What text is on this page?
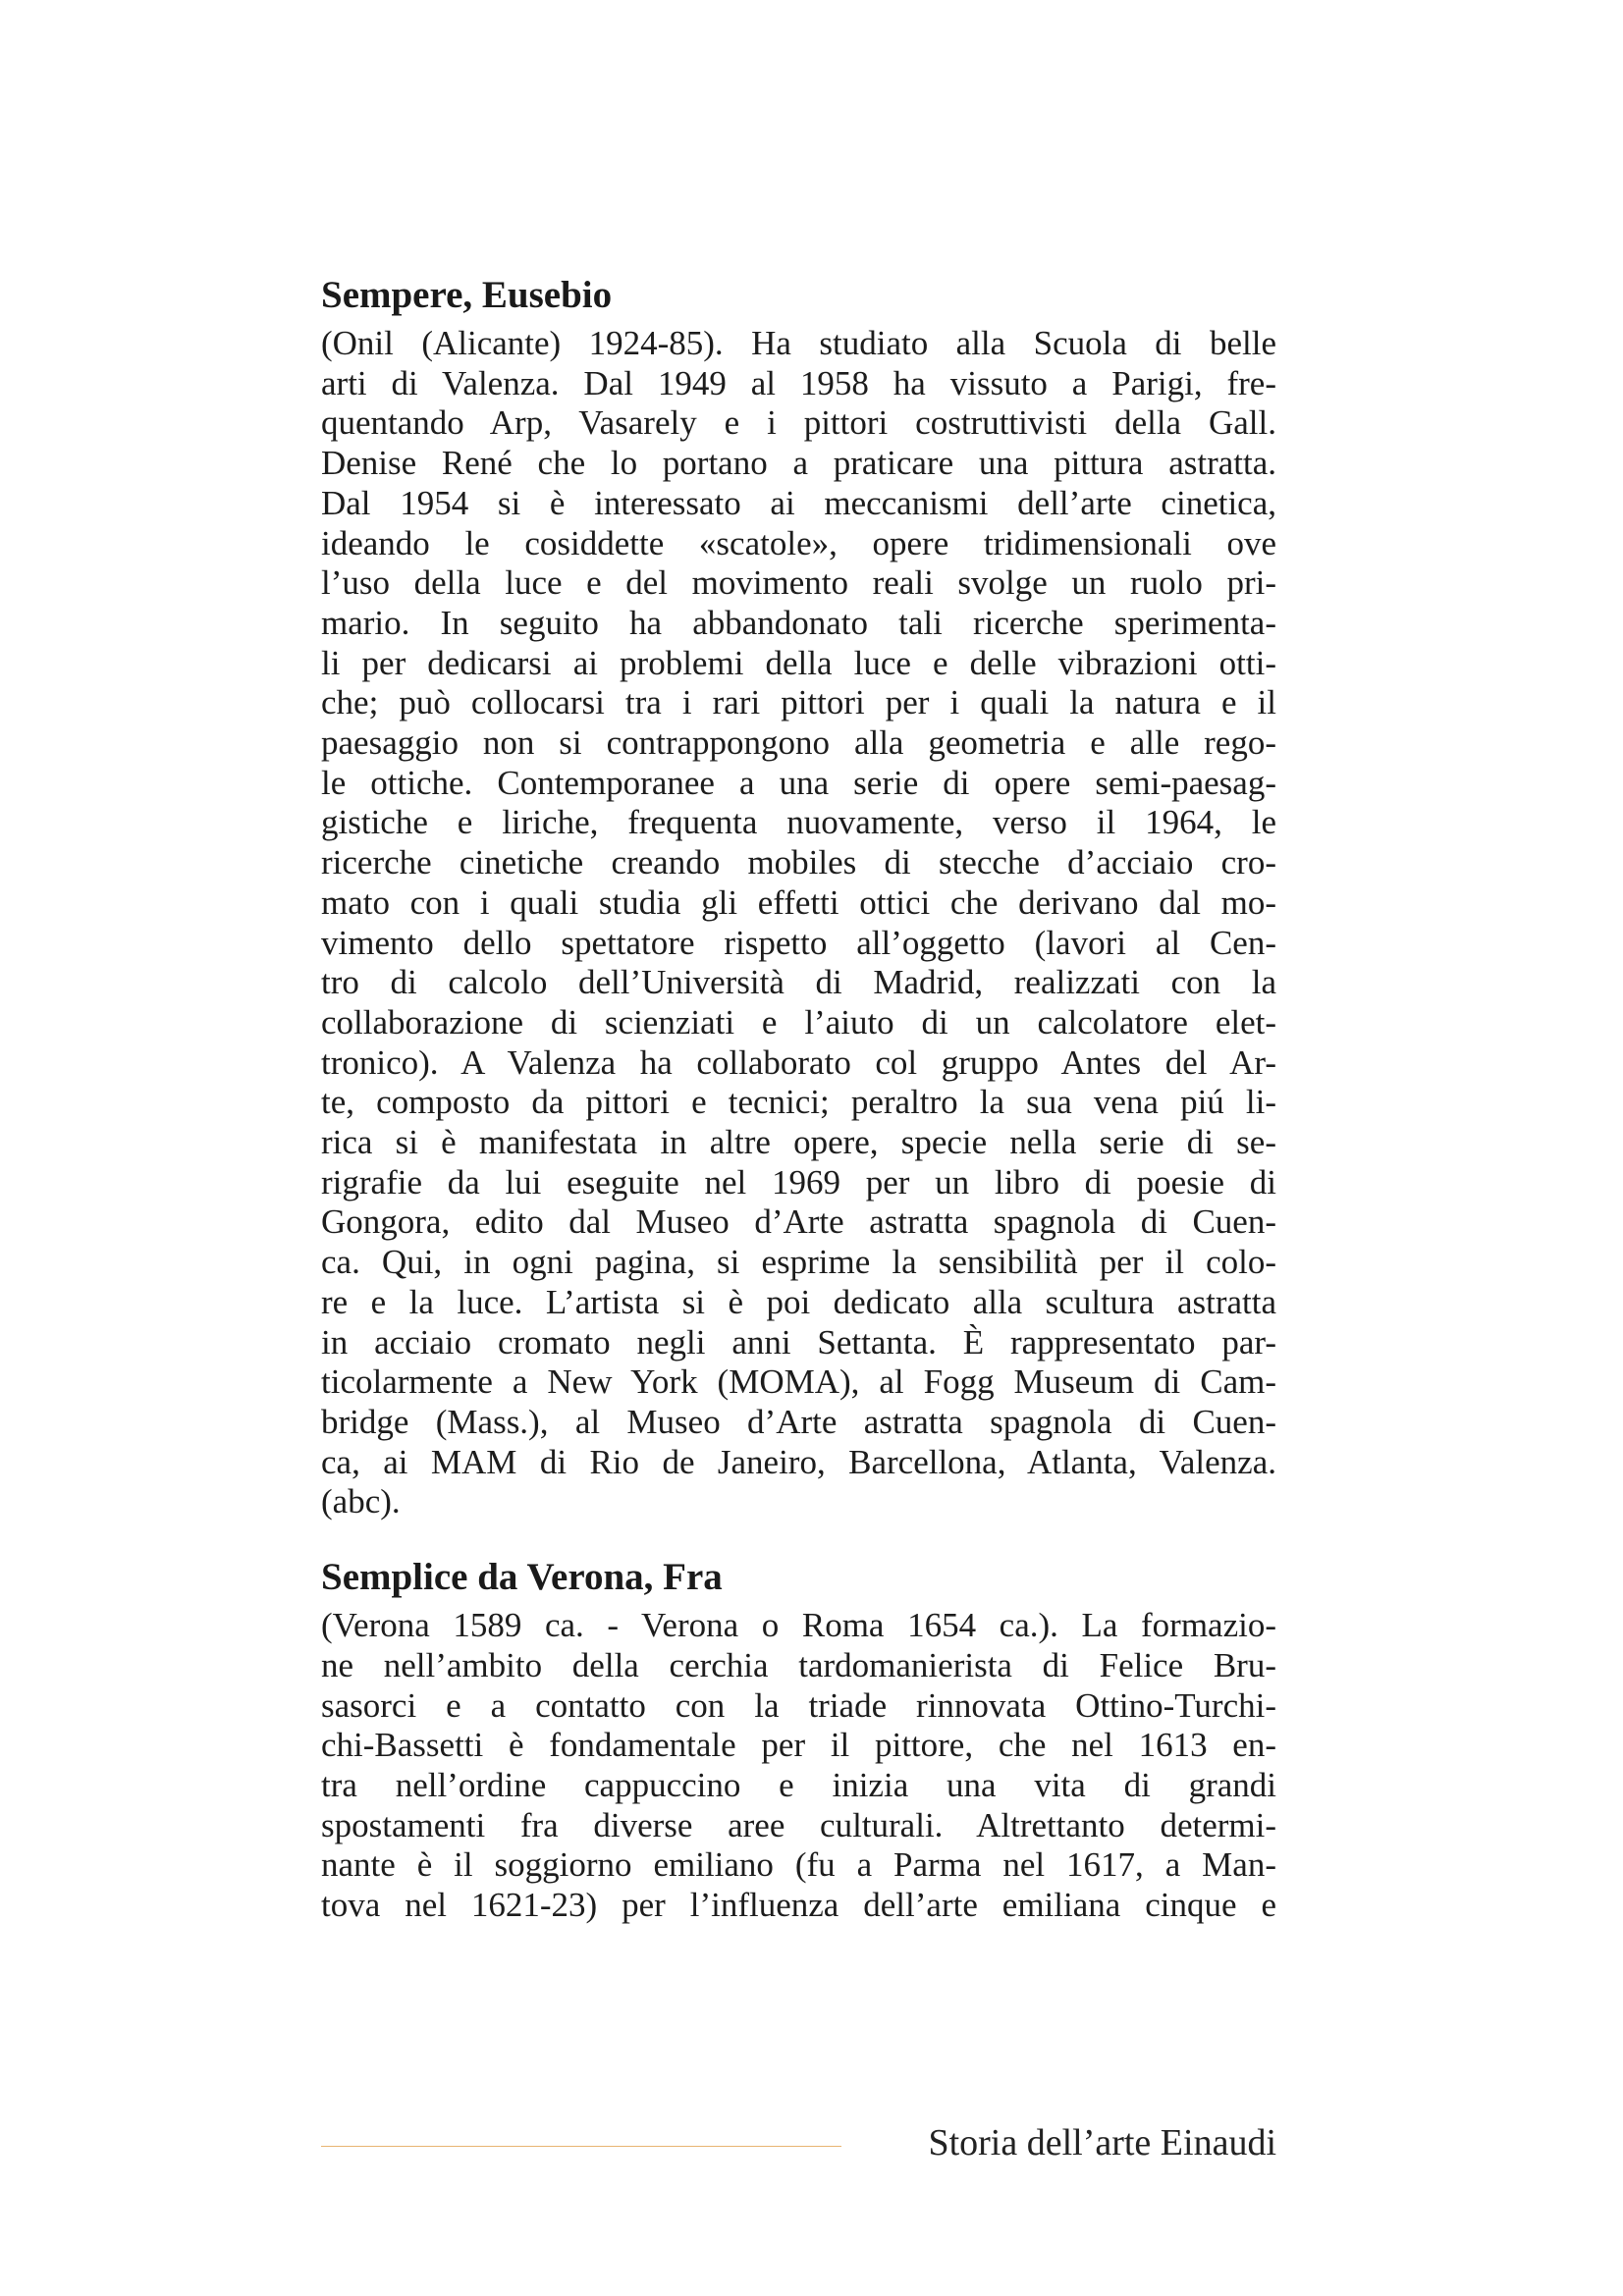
Sempere, Eusebio
(Onil (Alicante) 1924-85). Ha studiato alla Scuola di belle
arti di Valenza. Dal 1949 al 1958 ha vissuto a Parigi, fre-
quentando Arp, Vasarely e i pittori costruttivisti della Gall.
Denise René che lo portano a praticare una pittura astratta.
Dal 1954 si è interessato ai meccanismi dell’arte cinetica,
ideando le cosiddette «scatole», opere tridimensionali ove
l’uso della luce e del movimento reali svolge un ruolo pri-
mario. In seguito ha abbandonato tali ricerche sperimenta-
li per dedicarsi ai problemi della luce e delle vibrazioni otti-
che; può collocarsi tra i rari pittori per i quali la natura e il
paesaggio non si contrappongono alla geometria e alle rego-
le ottiche. Contemporanee a una serie di opere semi-paesag-
gistiche e liriche, frequenta nuovamente, verso il 1964, le
ricerche cinetiche creando mobiles di stecche d’acciaio cro-
mato con i quali studia gli effetti ottici che derivano dal mo-
vimento dello spettatore rispetto all’oggetto (lavori al Cen-
tro di calcolo dell’Università di Madrid, realizzati con la
collaborazione di scienziati e l’aiuto di un calcolatore elet-
tronico). A Valenza ha collaborato col gruppo Antes del Ar-
te, composto da pittori e tecnici; peraltro la sua vena piú li-
rica si è manifestata in altre opere, specie nella serie di se-
rigrafie da lui eseguite nel 1969 per un libro di poesie di
Gongora, edito dal Museo d’Arte astratta spagnola di Cuen-
ca. Qui, in ogni pagina, si esprime la sensibilità per il colo-
re e la luce. L’artista si è poi dedicato alla scultura astratta
in acciaio cromato negli anni Settanta. È rappresentato par-
ticolarmente a New York (MOMA), al Fogg Museum di Cam-
bridge (Mass.), al Museo d’Arte astratta spagnola di Cuen-
ca, ai MAM di Rio de Janeiro, Barcellona, Atlanta, Valenza.
(abc).
Semplice da Verona, Fra
(Verona 1589 ca. - Verona o Roma 1654 ca.). La formazio-
ne nell’ambito della cerchia tardomanierista di Felice Bru-
sasorci e a contatto con la triade rinnovata Ottino-Turchi-
chi-Bassetti è fondamentale per il pittore, che nel 1613 en-
tra nell’ordine cappuccino e inizia una vita di grandi
spostamenti fra diverse aree culturali. Altrettanto determi-
nante è il soggiorno emiliano (fu a Parma nel 1617, a Man-
tova nel 1621-23) per l’influenza dell’arte emiliana cinque e
Storia dell’arte Einaudi
